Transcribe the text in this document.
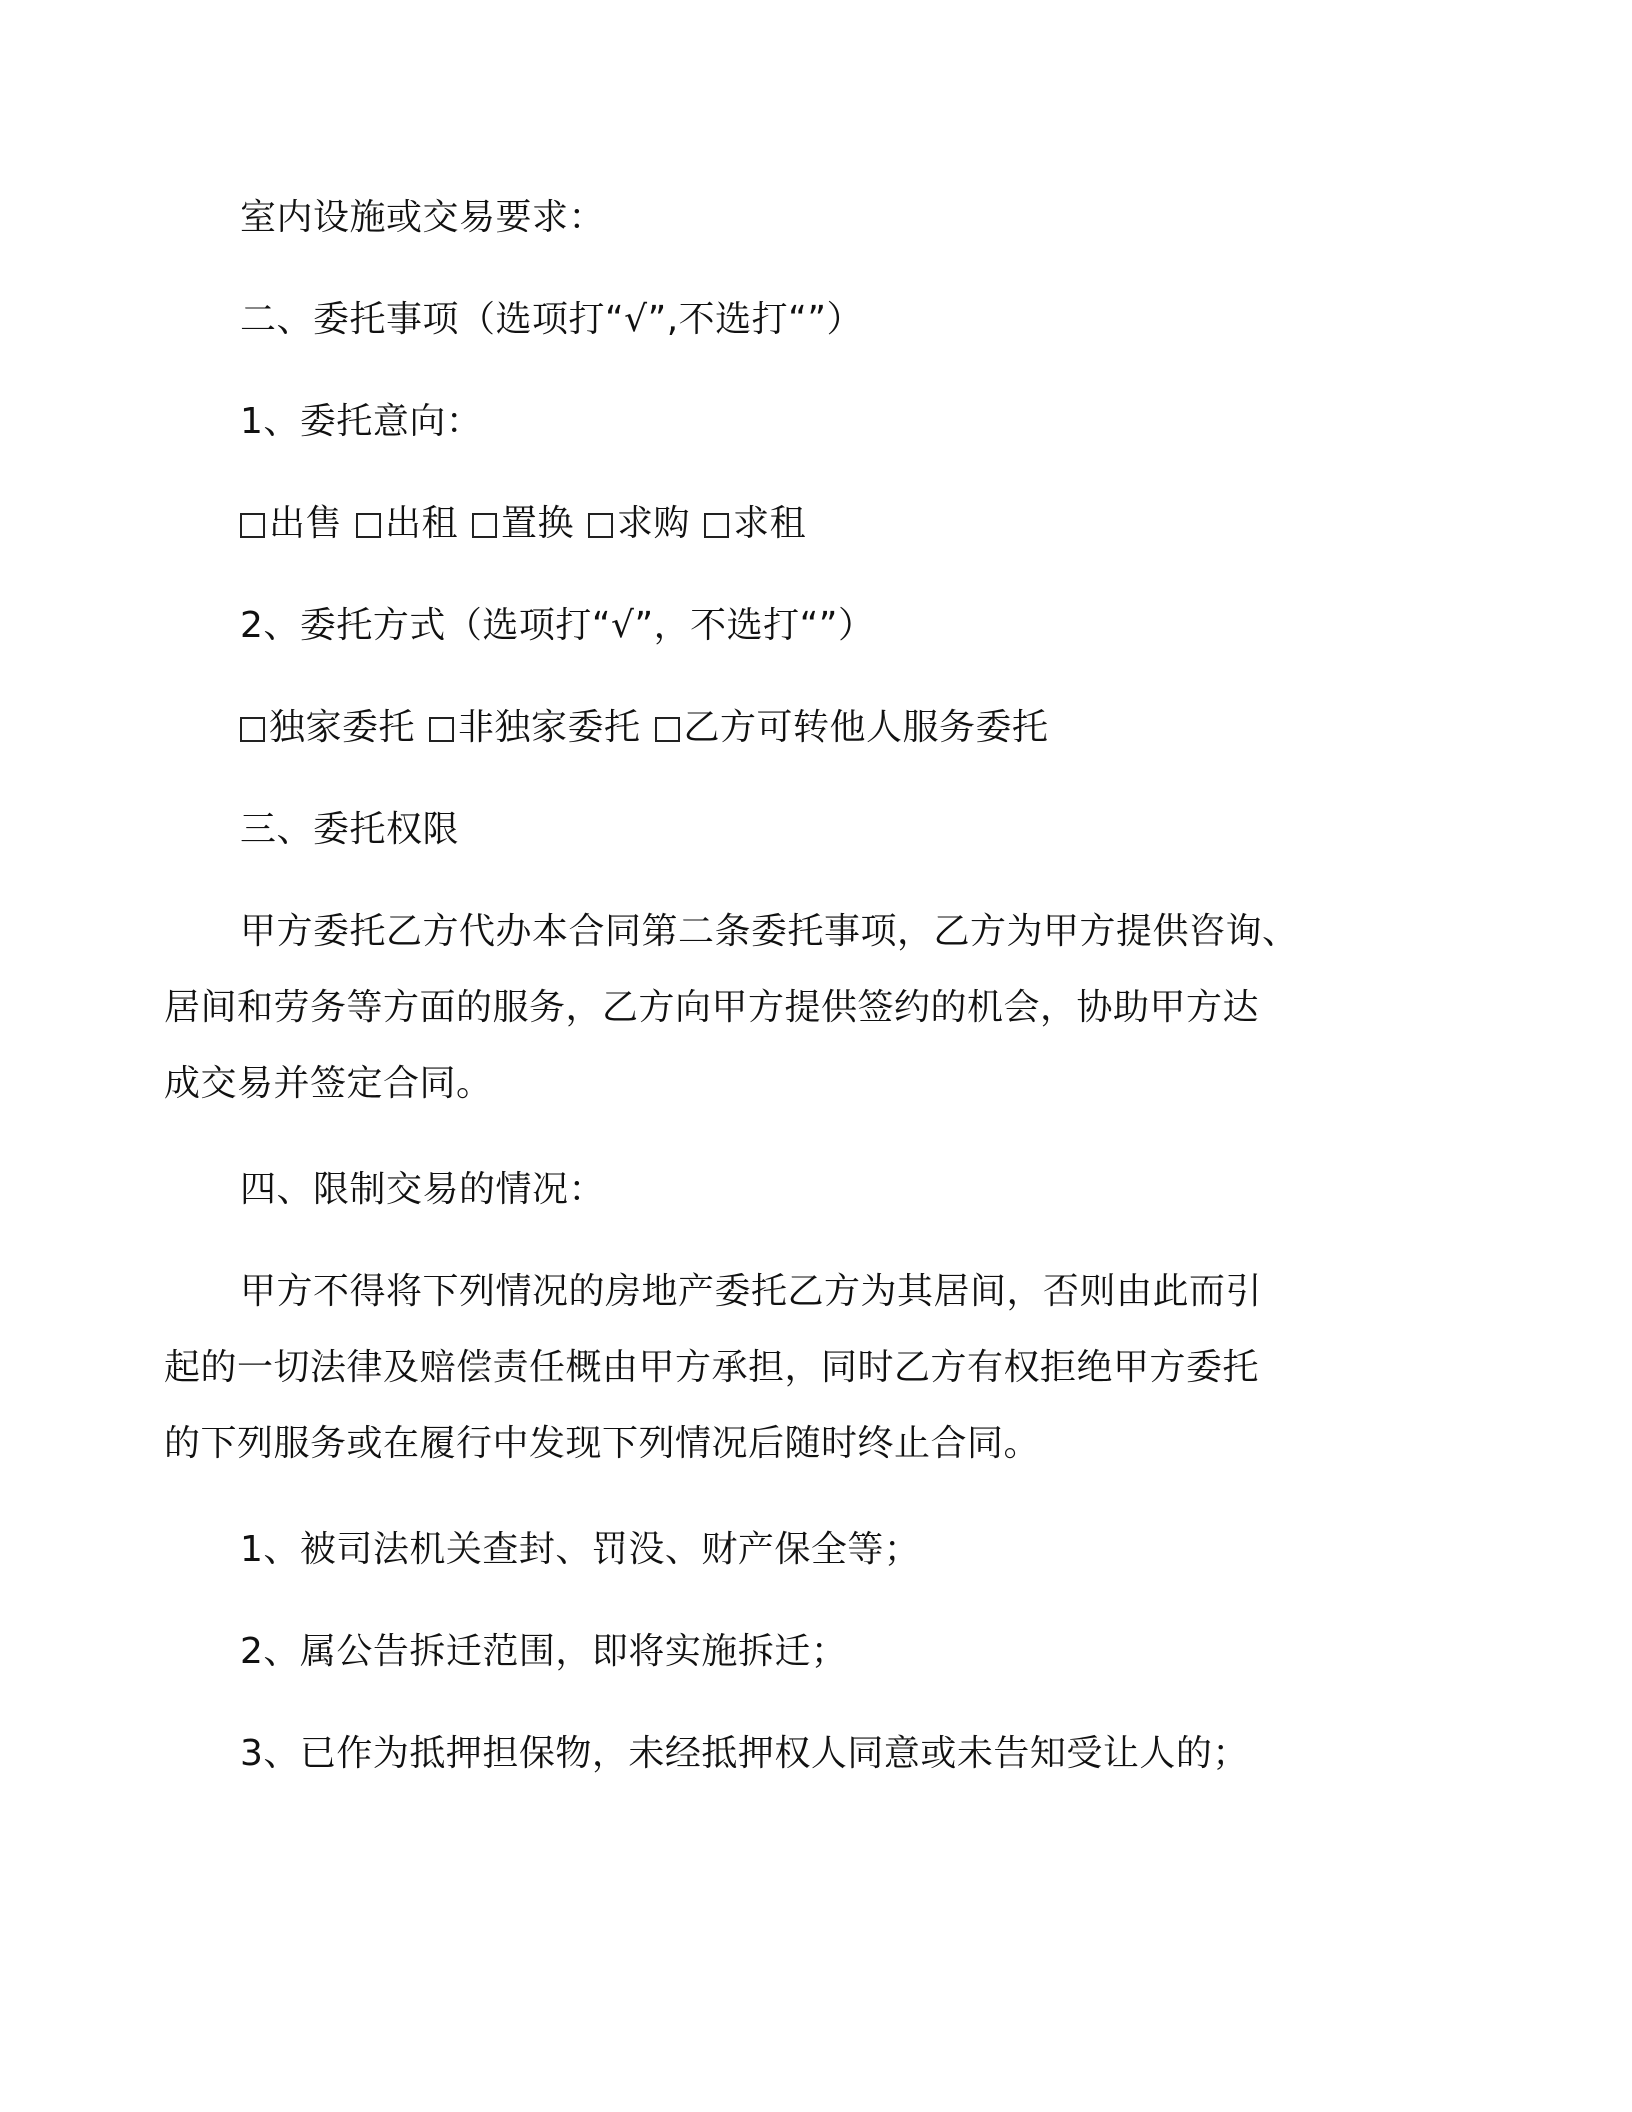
室内设施或交易要求：
二、委托事项（选项打“√”,不选打“”）
1、委托意向：
出售 出租 置换 求购 求租
2、委托方式（选项打“√”，不选打“”）
独家委托 非独家委托 乙方可转他人服务委托
三、委托权限
甲方委托乙方代办本合同第二条委托事项，乙方为甲方提供咨询、
居间和劳务等方面的服务，乙方向甲方提供签约的机会，协助甲方达
成交易并签定合同。
四、限制交易的情况：
甲方不得将下列情况的房地产委托乙方为其居间，否则由此而引
起的一切法律及赔偿责任概由甲方承担，同时乙方有权拒绝甲方委托
的下列服务或在履行中发现下列情况后随时终止合同。
1、被司法机关查封、罚没、财产保全等；
2、属公告拆迁范围，即将实施拆迁；
3、已作为抵押担保物，未经抵押权人同意或未告知受让人的；
